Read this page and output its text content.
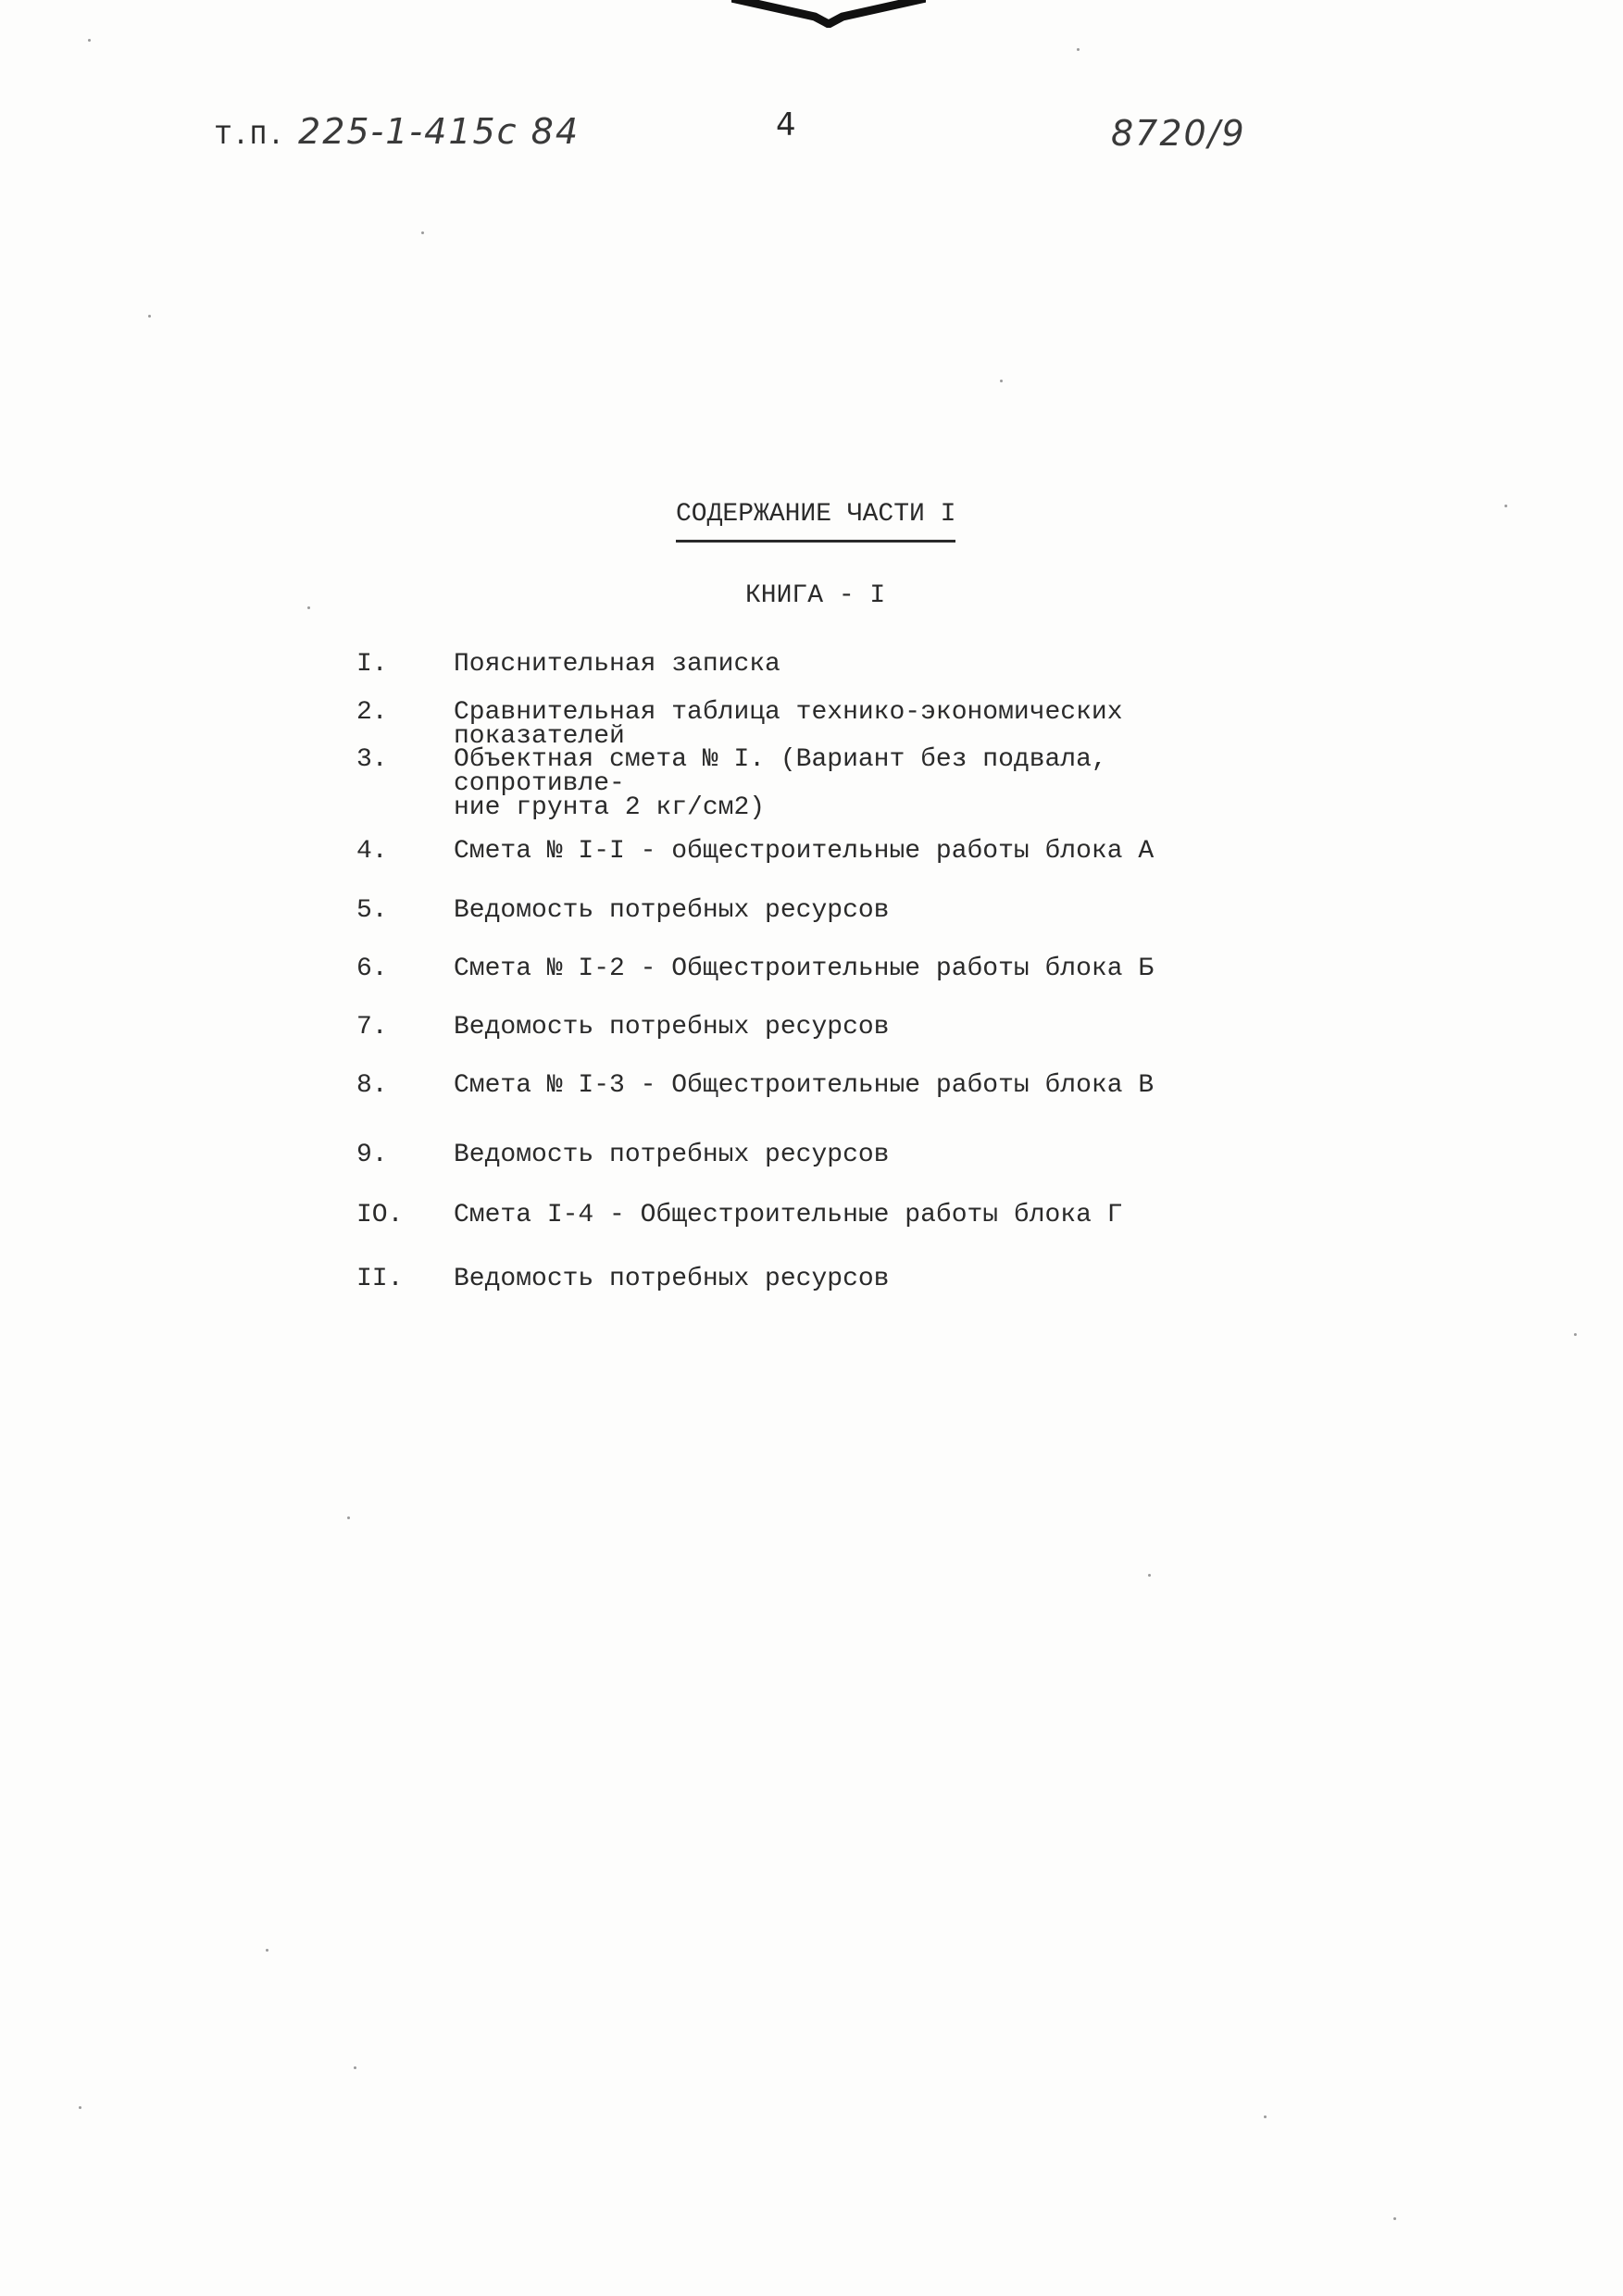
Т.П. 225-1-415с 84	4	8720/9
СОДЕРЖАНИЕ ЧАСТИ I
КНИГА - I
I.	Пояснительная записка
2.	Сравнительная таблица технико-экономических показателей
3.	Объектная смета № I. (Вариант без подвала, сопротивле-
ние грунта 2 кг/см2)
4.	Смета № I-I - общестроительные работы блока А
5.	Ведомость потребных ресурсов
6.	Смета № I-2 - Общестроительные работы блока Б
7.	Ведомость потребных ресурсов
8.	Смета № I-3 - Общестроительные работы блока В
9.	Ведомость потребных ресурсов
IO.	Смета I-4 - Общестроительные работы блока Г
II.	Ведомость потребных ресурсов
